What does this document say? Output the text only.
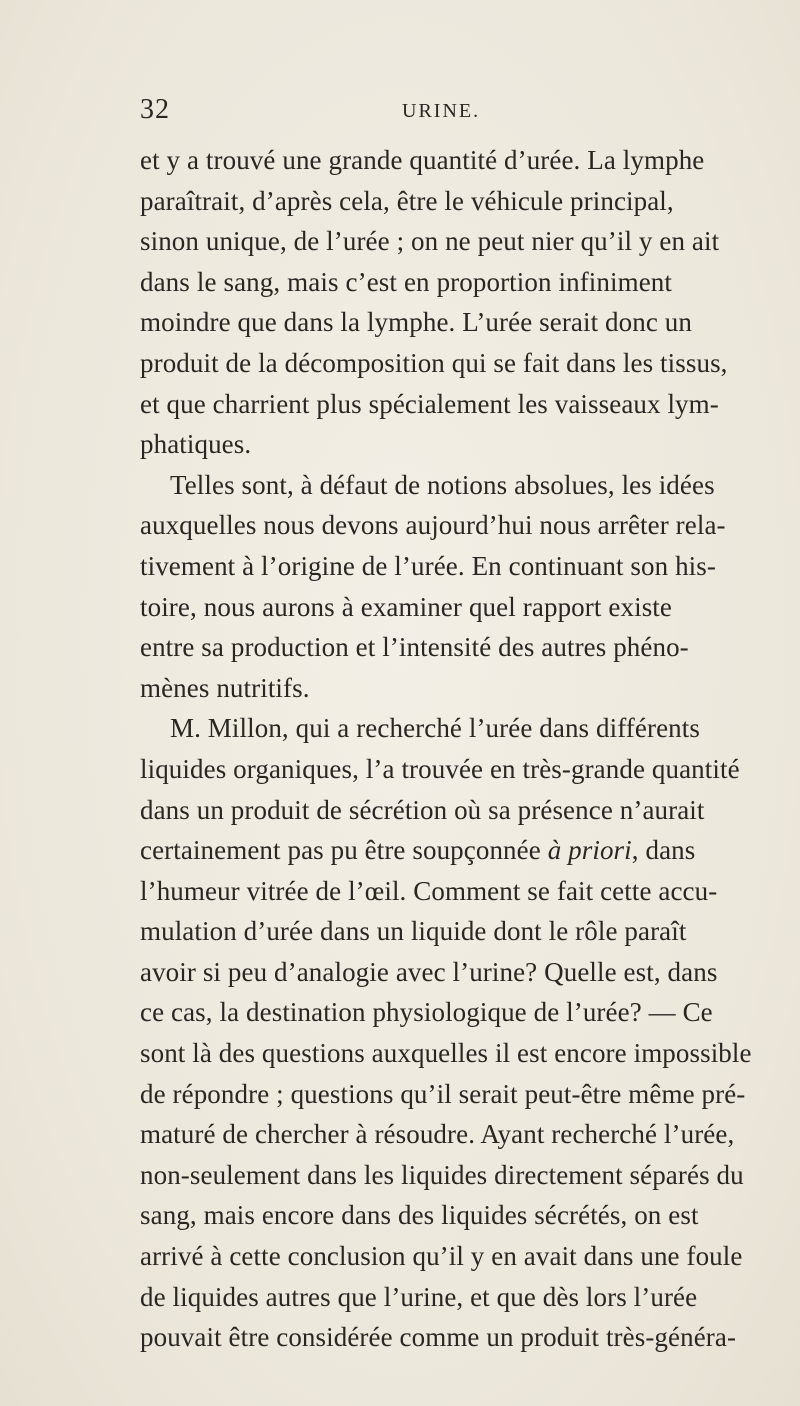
32	URINE.
et y a trouvé une grande quantité d’urée. La lymphe
paraîtrait, d’après cela, être le véhicule principal,
sinon unique, de l’urée ; on ne peut nier qu’il y en ait
dans le sang, mais c’est en proportion infiniment
moindre que dans la lymphe. L’urée serait donc un
produit de la décomposition qui se fait dans les tissus,
et que charrient plus spécialement les vaisseaux lym-
phatiques.
Telles sont, à défaut de notions absolues, les idées
auxquelles nous devons aujourd’hui nous arrêter rela-
tivement à l’origine de l’urée. En continuant son his-
toire, nous aurons à examiner quel rapport existe
entre sa production et l’intensité des autres phéno-
mènes nutritifs.
M. Millon, qui a recherché l’urée dans différents
liquides organiques, l’a trouvée en très-grande quantité
dans un produit de sécrétion où sa présence n’aurait
certainement pas pu être soupçonnée à priori, dans
l’humeur vitrée de l’œil. Comment se fait cette accu-
mulation d’urée dans un liquide dont le rôle paraît
avoir si peu d’analogie avec l’urine? Quelle est, dans
ce cas, la destination physiologique de l’urée? — Ce
sont là des questions auxquelles il est encore impossible
de répondre ; questions qu’il serait peut-être même pré-
maturé de chercher à résoudre. Ayant recherché l’urée,
non-seulement dans les liquides directement séparés du
sang, mais encore dans des liquides sécrétés, on est
arrivé à cette conclusion qu’il y en avait dans une foule
de liquides autres que l’urine, et que dès lors l’urée
pouvait être considérée comme un produit très-généra-
